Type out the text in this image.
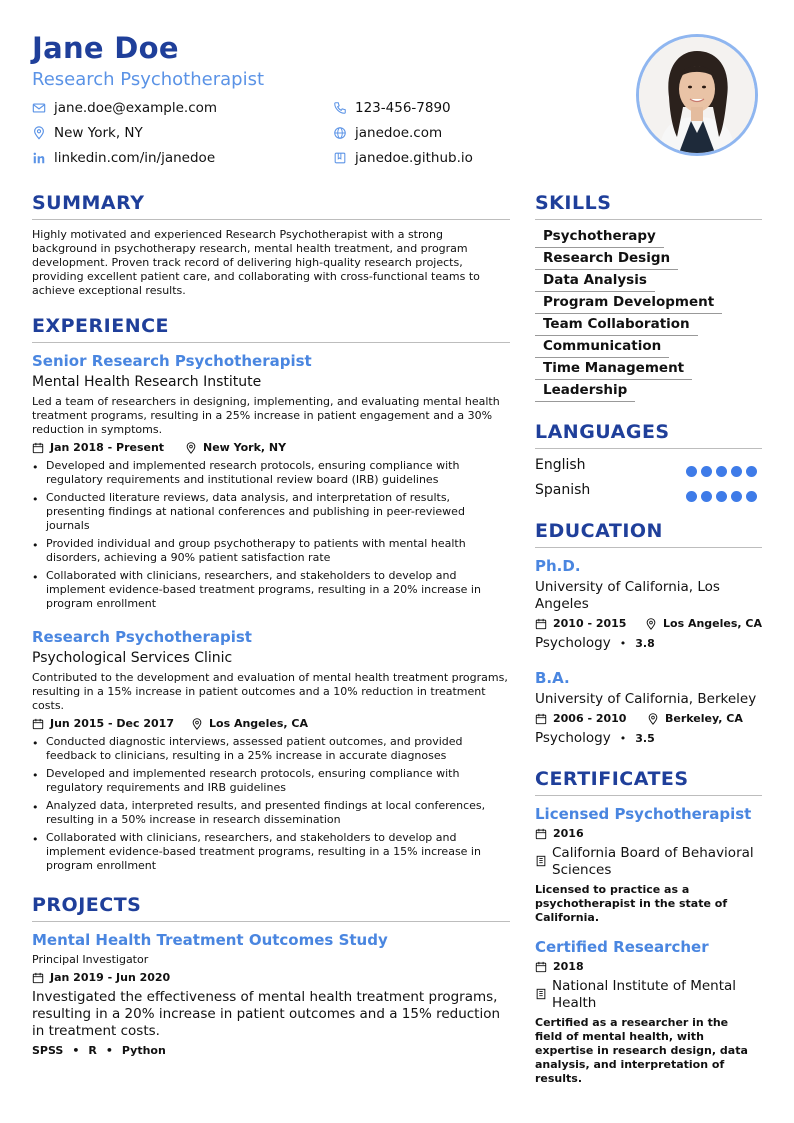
Jane Doe
Research Psychotherapist
jane.doe@example.com
New York, NY
linkedin.com/in/janedoe
123-456-7890
janedoe.com
janedoe.github.io
SUMMARY
Highly motivated and experienced Research Psychotherapist with a strong background in psychotherapy research, mental health treatment, and program development. Proven track record of delivering high-quality research projects, providing excellent patient care, and collaborating with cross-functional teams to achieve exceptional results.
EXPERIENCE
Senior Research Psychotherapist
Mental Health Research Institute
Led a team of researchers in designing, implementing, and evaluating mental health treatment programs, resulting in a 25% increase in patient engagement and a 30% reduction in symptoms.
Jan 2018 - Present	New York, NY
• Developed and implemented research protocols, ensuring compliance with regulatory requirements and institutional review board (IRB) guidelines
• Conducted literature reviews, data analysis, and interpretation of results, presenting findings at national conferences and publishing in peer-reviewed journals
• Provided individual and group psychotherapy to patients with mental health disorders, achieving a 90% patient satisfaction rate
• Collaborated with clinicians, researchers, and stakeholders to develop and implement evidence-based treatment programs, resulting in a 20% increase in program enrollment
Research Psychotherapist
Psychological Services Clinic
Contributed to the development and evaluation of mental health treatment programs, resulting in a 15% increase in patient outcomes and a 10% reduction in treatment costs.
Jun 2015 - Dec 2017	Los Angeles, CA
• Conducted diagnostic interviews, assessed patient outcomes, and provided feedback to clinicians, resulting in a 25% increase in accurate diagnoses
• Developed and implemented research protocols, ensuring compliance with regulatory requirements and IRB guidelines
• Analyzed data, interpreted results, and presented findings at local conferences, resulting in a 50% increase in research dissemination
• Collaborated with clinicians, researchers, and stakeholders to develop and implement evidence-based treatment programs, resulting in a 15% increase in program enrollment
PROJECTS
Mental Health Treatment Outcomes Study
Principal Investigator
Jan 2019 - Jun 2020
Investigated the effectiveness of mental health treatment programs, resulting in a 20% increase in patient outcomes and a 15% reduction in treatment costs.
SPSS • R • Python
SKILLS
Psychotherapy
Research Design
Data Analysis
Program Development
Team Collaboration
Communication
Time Management
Leadership
LANGUAGES
English
Spanish
EDUCATION
Ph.D.
University of California, Los Angeles
2010 - 2015	Los Angeles, CA
Psychology • 3.8
B.A.
University of California, Berkeley
2006 - 2010	Berkeley, CA
Psychology • 3.5
CERTIFICATES
Licensed Psychotherapist
2016
California Board of Behavioral Sciences
Licensed to practice as a psychotherapist in the state of California.
Certified Researcher
2018
National Institute of Mental Health
Certified as a researcher in the field of mental health, with expertise in research design, data analysis, and interpretation of results.
